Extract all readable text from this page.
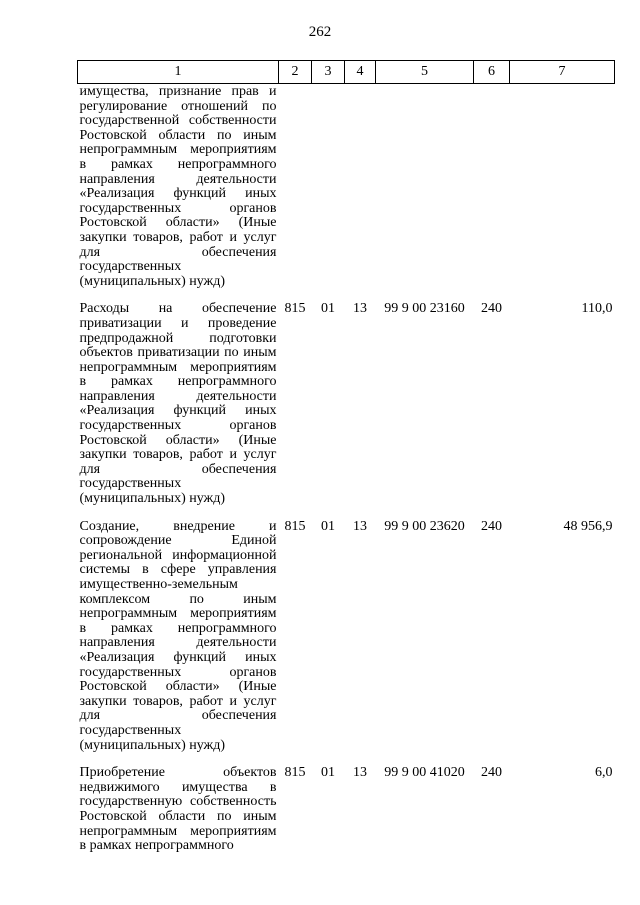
262
1	2	3	4	5	6	7
имущества, признание прав и регулирование отношений по государственной собственности Ростовской области по иным непрограммным мероприятиям в рамках непрограммного направления деятельности «Реализация функций иных государственных органов Ростовской области» (Иные закупки товаров, работ и услуг для обеспечения государственных (муниципальных) нужд)						
Расходы на обеспечение приватизации и проведение предпродажной подготовки объектов приватизации по иным непрограммным мероприятиям в рамках непрограммного направления деятельности «Реализация функций иных государственных органов Ростовской области» (Иные закупки товаров, работ и услуг для обеспечения государственных (муниципальных) нужд)	815	01	13	99 9 00 23160	240	110,0
Создание, внедрение и сопровождение Единой региональной информационной системы в сфере управления имущественно-земельным комплексом по иным непрограммным мероприятиям в рамках непрограммного направления деятельности «Реализация функций иных государственных органов Ростовской области» (Иные закупки товаров, работ и услуг для обеспечения государственных (муниципальных) нужд)	815	01	13	99 9 00 23620	240	48 956,9
Приобретение объектов недвижимого имущества в государственную собственность Ростовской области по иным непрограммным мероприятиям в рамках непрограммного	815	01	13	99 9 00 41020	240	6,0
